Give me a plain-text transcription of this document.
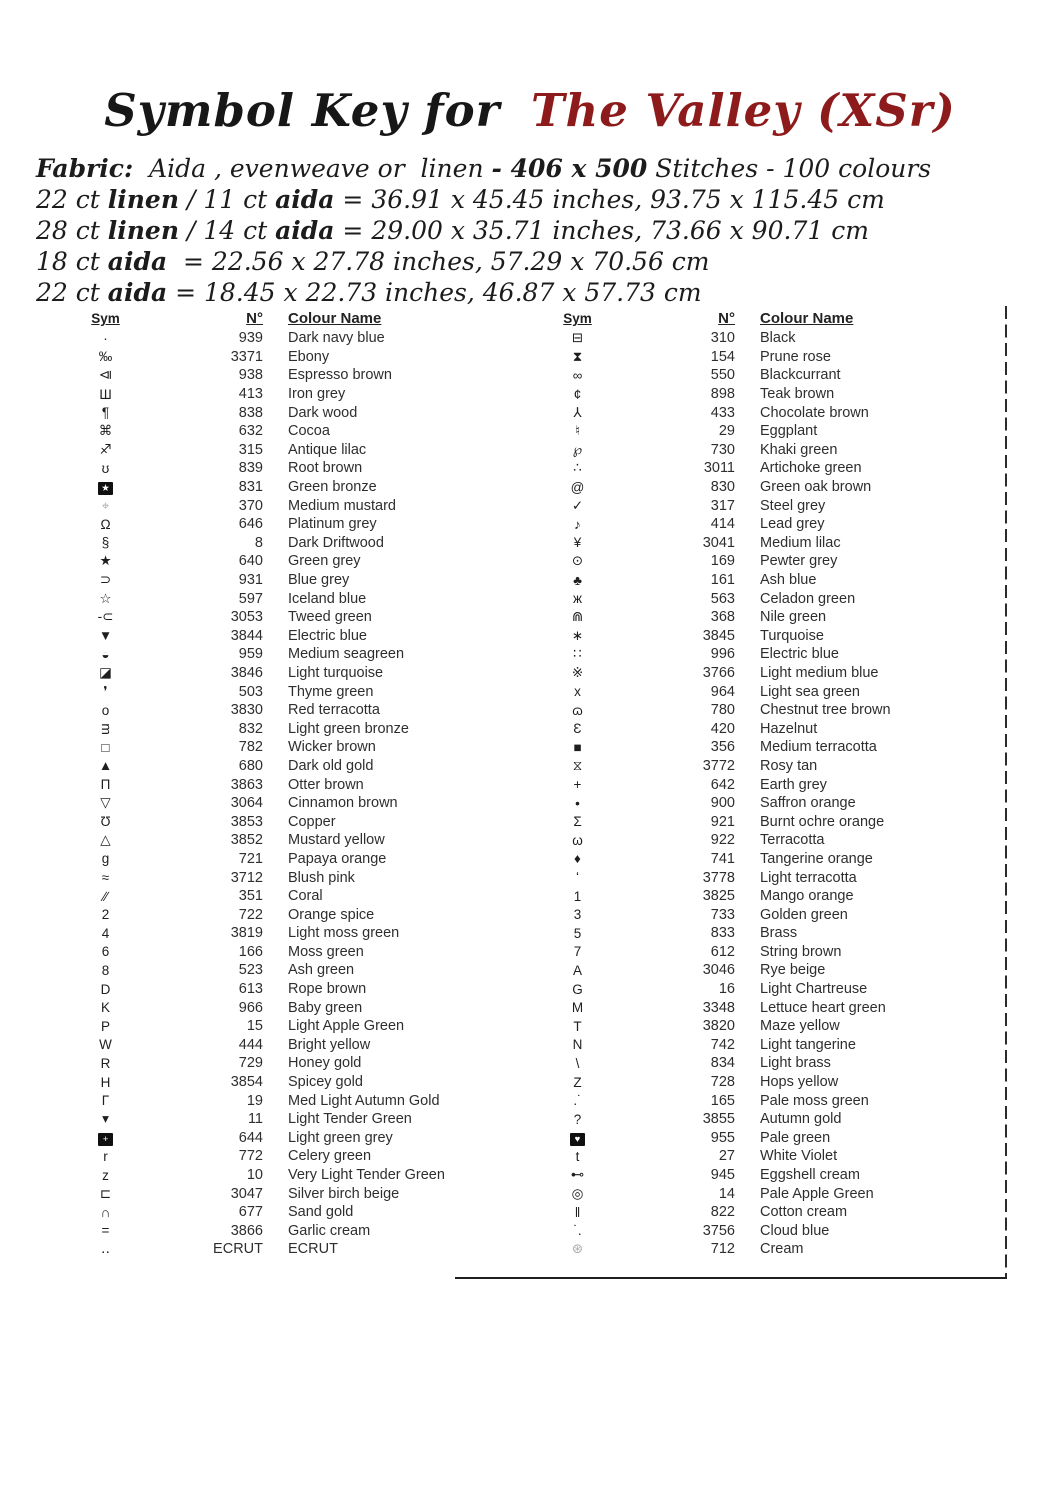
Symbol Key for The Valley (XSr)
Fabric:  Aida , evenweave or  linen - 406 x 500 Stitches - 100 colours
22 ct linen / 11 ct aida = 36.91 x 45.45 inches, 93.75 x 115.45 cm
28 ct linen / 14 ct aida = 29.00 x 35.71 inches, 73.66 x 90.71 cm
18 ct aida  = 22.56 x 27.78 inches, 57.29 x 70.56 cm
22 ct aida = 18.45 x 22.73 inches, 46.87 x 57.73 cm
Sym	N° Colour Name
·	939 Dark navy blue
‰	3371 Ebony
⧏	938 Espresso brown
Ш	413 Iron grey
¶	838 Dark wood
⌘	632 Cocoa
♐	315 Antique lilac
ʊ	839 Root brown
★	831 Green bronze
⌖	370 Medium mustard
Ω	646 Platinum grey
§	8 Dark Driftwood
★	640 Green grey
⊃	931 Blue grey
☆	597 Iceland blue
-⊂	3053 Tweed green
▼	3844 Electric blue
◒	959 Medium seagreen
◪	3846 Light turquoise
❜	503 Thyme green
o	3830 Red terracotta
ᴟ	832 Light green bronze
□	782 Wicker brown
▲	680 Dark old gold
Π	3863 Otter brown
▽	3064 Cinnamon brown
Ʊ	3853 Copper
△	3852 Mustard yellow
g	721 Papaya orange
≈	3712 Blush pink
∕∕	351 Coral
2	722 Orange spice
4	3819 Light moss green
6	166 Moss green
8	523 Ash green
D	613 Rope brown
K	966 Baby green
P	15 Light Apple Green
W	444 Bright yellow
R	729 Honey gold
H	3854 Spicey gold
Γ	19 Med Light Autumn Gold
▾	11 Light Tender Green
+	644 Light green grey
r	772 Celery green
z	10 Very Light Tender Green
⊏	3047 Silver birch beige
∩	677 Sand gold
=	3866 Garlic cream
‥	ECRUT ECRUT
Sym	N° Colour Name
⊟	310 Black
⧗	154 Prune rose
∞	550 Blackcurrant
¢	898 Teak brown
⅄	433 Chocolate brown
♮	29 Eggplant
℘	730 Khaki green
∴	3011 Artichoke green
@	830 Green oak brown
✓	317 Steel grey
♪	414 Lead grey
¥	3041 Medium lilac
⊙	169 Pewter grey
♣	161 Ash blue
ж	563 Celadon green
⋒	368 Nile green
∗	3845 Turquoise
∷	996 Electric blue
※	3766 Light medium blue
x	964 Light sea green
ɷ	780 Chestnut tree brown
Ɛ	420 Hazelnut
■	356 Medium terracotta
⧖	3772 Rosy tan
+	642 Earth grey
•	900 Saffron orange
Σ	921 Burnt ochre orange
ω	922 Terracotta
♦	741 Tangerine orange
ʻ	3778 Light terracotta
1	3825 Mango orange
3	733 Golden green
5	833 Brass
7	612 String brown
A	3046 Rye beige
G	16 Light Chartreuse
M	3348 Lettuce heart green
T	3820 Maze yellow
N	742 Light tangerine
\	834 Light brass
Z	728 Hops yellow
.˙	165 Pale moss green
?	3855 Autumn gold
♥	955 Pale green
t	27 White Violet
⊷	945 Eggshell cream
◎	14 Pale Apple Green
ǁ	822 Cotton cream
˙.	3756 Cloud blue
⊛	712 Cream
